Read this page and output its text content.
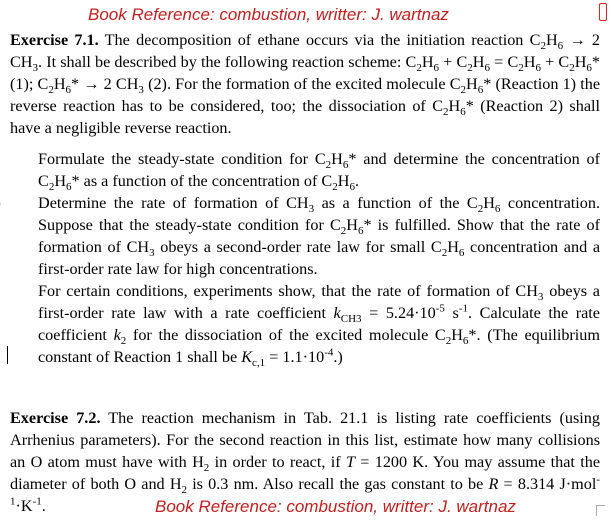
Book Reference: combustion, writter: J. wartnaz
Exercise 7.1. The decomposition of ethane occurs via the initiation reaction $C_2H_6 \to 2$ $CH_3$. It shall be described by the following reaction scheme: $C_2H_6 + C_2H_6 = C_2H_6 + C_2H_6*$ (1); $C_2H_6* \to 2$ $CH_3$ (2). For the formation of the excited molecule $C_2H_6*$ (Reaction 1) the reverse reaction has to be considered, too; the dissociation of $C_2H_6*$ (Reaction 2) shall have a negligible reverse reaction.
Formulate the steady-state condition for $C_2H_6*$ and determine the concentration of $C_2H_6*$ as a function of the concentration of $C_2H_6$.
Determine the rate of formation of $CH_3$ as a function of the $C_2H_6$ concentration. Suppose that the steady-state condition for $C_2H_6*$ is fulfilled. Show that the rate of formation of $CH_3$ obeys a second-order rate law for small $C_2H_6$ concentration and a first-order rate law for high concentrations.
For certain conditions, experiments show, that the rate of formation of $CH_3$ obeys a first-order rate law with a rate coefficient $k_{CH3} = 5.24\cdot 10^{-5}$ $s^{-1}$. Calculate the rate coefficient $k_2$ for the dissociation of the excited molecule $C_2H_6*$. (The equilibrium constant of Reaction 1 shall be $K_{c,1} = 1.1\cdot 10^{-4}$.)
Exercise 7.2. The reaction mechanism in Tab. 21.1 is listing rate coefficients (using Arrhenius parameters). For the second reaction in this list, estimate how many collisions an O atom must have with $H_2$ in order to react, if T = 1200 K. You may assume that the diameter of both O and $H_2$ is 0.3 nm. Also recall the gas constant to be R = 8.314 $J\cdot mol^{-1}\cdot K^{-1}$.	Book Reference: combustion, writter: J. wartnaz
